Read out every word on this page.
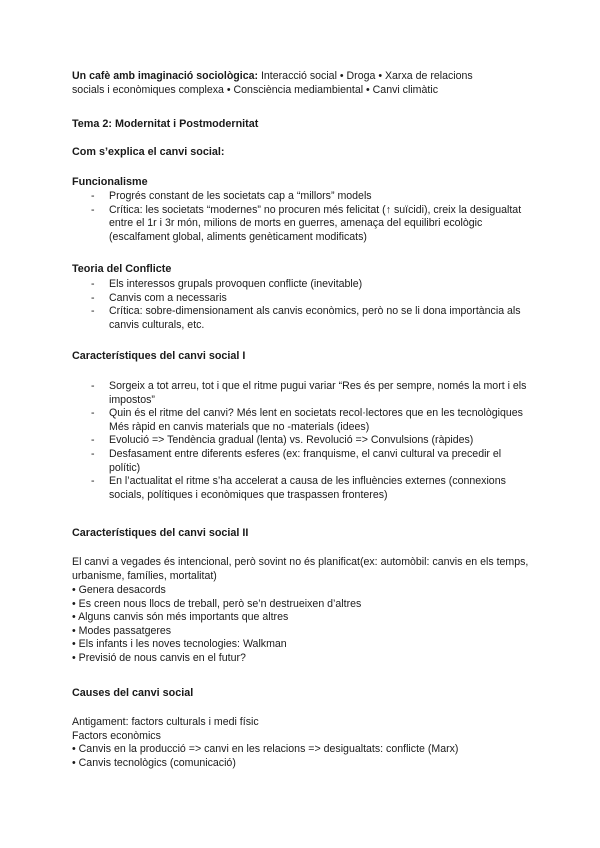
Un cafè amb imaginació sociològica: Interacció social • Droga • Xarxa de relacions
socials i econòmiques complexa • Consciència mediambiental • Canvi climàtic
Tema 2: Modernitat i Postmodernitat
Com s’explica el canvi social:
Funcionalisme
- Progrés constant de les societats cap a “millors” models
- Crítica: les societats “modernes” no procuren més felicitat (↑ suïcidi), creix la desigualtat entre el 1r i 3r món, milions de morts en guerres, amenaça del equilibri ecològic (escalfament global, aliments genèticament modificats)
Teoria del Conflicte
- Els interessos grupals provoquen conflicte (inevitable)
- Canvis com a necessaris
- Crítica: sobre-dimensionament als canvis econòmics, però no se li dona importància als canvis culturals, etc.
Característiques del canvi social I
- Sorgeix a tot arreu, tot i que el ritme pugui variar “Res és per sempre, només la mort i els impostos”
- Quin és el ritme del canvi? Més lent en societats recol·lectores que en les tecnològiques Més ràpid en canvis materials que no -materials (idees)
- Evolució => Tendència gradual (lenta) vs. Revolució => Convulsions (ràpides)
- Desfasament entre diferents esferes (ex: franquisme, el canvi cultural va precedir el polític)
- En l’actualitat el ritme s’ha accelerat a causa de les influències externes (connexions socials, polítiques i econòmiques que traspassen fronteres)
Característiques del canvi social II
El canvi a vegades és intencional, però sovint no és planificat(ex: automòbil: canvis en els temps, urbanisme, famílies, mortalitat)
• Genera desacords
• Es creen nous llocs de treball, però se’n destrueixen d’altres
• Alguns canvis són més importants que altres
• Modes passatgeres
• Els infants i les noves tecnologies: Walkman
• Previsió de nous canvis en el futur?
Causes del canvi social
Antigament: factors culturals i medi físic
Factors econòmics
• Canvis en la producció => canvi en les relacions => desigualtats: conflicte (Marx)
• Canvis tecnològics (comunicació)
